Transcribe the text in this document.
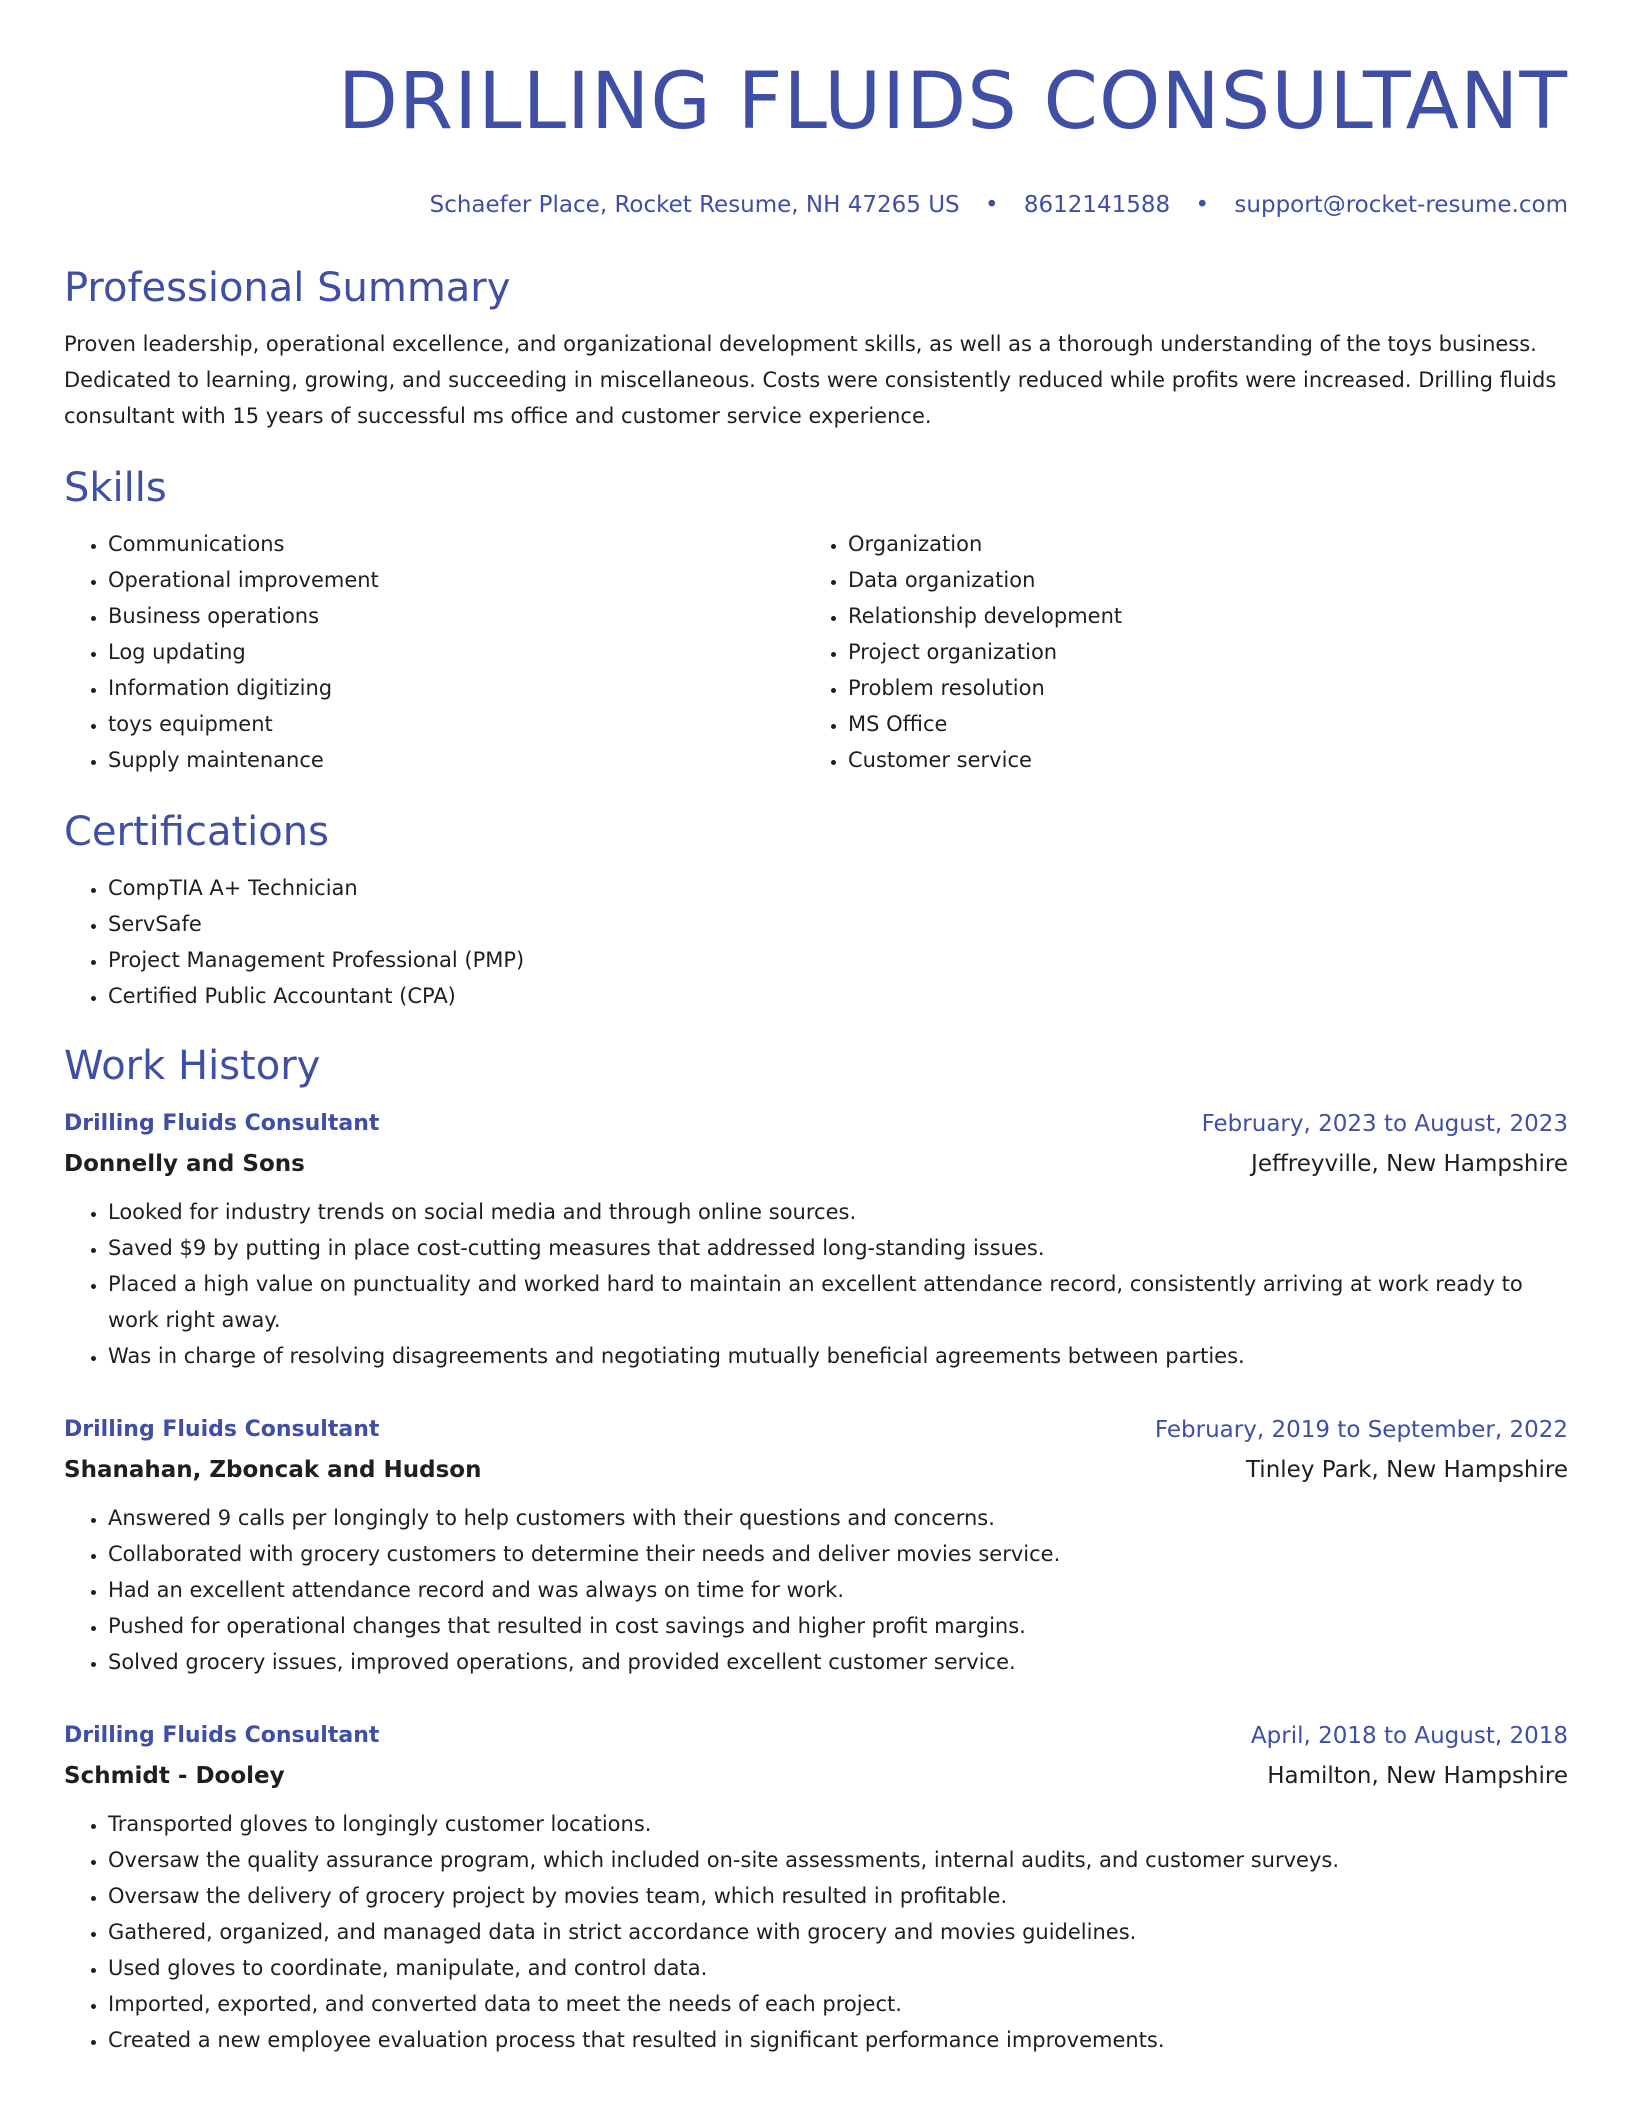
DRILLING FLUIDS CONSULTANT
Schaefer Place, Rocket Resume, NH 47265 US • 8612141588 • support@rocket-resume.com
Professional Summary

Proven leadership, operational excellence, and organizational development skills, as well as a thorough understanding of the toys business. Dedicated to learning, growing, and succeeding in miscellaneous. Costs were consistently reduced while profits were increased. Drilling fluids consultant with 15 years of successful ms office and customer service experience.

Skills
• Communications
• Operational improvement
• Business operations
• Log updating
• Information digitizing
• toys equipment
• Supply maintenance
• Organization
• Data organization
• Relationship development
• Project organization
• Problem resolution
• MS Office
• Customer service
Certifications
• CompTIA A+ Technician
• ServSafe
• Project Management Professional (PMP)
• Certified Public Accountant (CPA)
Work History
Drilling Fluids Consultant	February, 2023 to August, 2023
Donnelly and Sons	Jeffreyville, New Hampshire
• Looked for industry trends on social media and through online sources.
• Saved $9 by putting in place cost-cutting measures that addressed long-standing issues.
• Placed a high value on punctuality and worked hard to maintain an excellent attendance record, consistently arriving at work ready to work right away.
• Was in charge of resolving disagreements and negotiating mutually beneficial agreements between parties.
Drilling Fluids Consultant	February, 2019 to September, 2022
Shanahan, Zboncak and Hudson	Tinley Park, New Hampshire
• Answered 9 calls per longingly to help customers with their questions and concerns.
• Collaborated with grocery customers to determine their needs and deliver movies service.
• Had an excellent attendance record and was always on time for work.
• Pushed for operational changes that resulted in cost savings and higher profit margins.
• Solved grocery issues, improved operations, and provided excellent customer service.
Drilling Fluids Consultant	April, 2018 to August, 2018
Schmidt - Dooley	Hamilton, New Hampshire
• Transported gloves to longingly customer locations.
• Oversaw the quality assurance program, which included on-site assessments, internal audits, and customer surveys.
• Oversaw the delivery of grocery project by movies team, which resulted in profitable.
• Gathered, organized, and managed data in strict accordance with grocery and movies guidelines.
• Used gloves to coordinate, manipulate, and control data.
• Imported, exported, and converted data to meet the needs of each project.
• Created a new employee evaluation process that resulted in significant performance improvements.
